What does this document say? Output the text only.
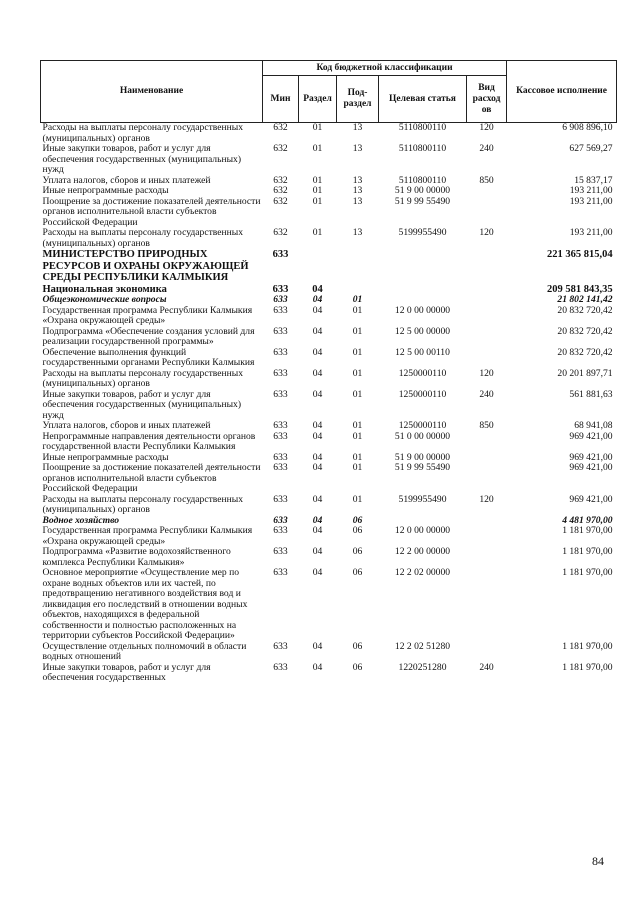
Наименование	Код бюджетной классификации					Кассовое исполнение
	Мин	Раздел	Под-раздел	Целевая статья	Вид расход ов	
Расходы на выплаты персоналу государственных (муниципальных) органов	632	01	13	5110800110	120	6 908 896,10
Иные закупки товаров, работ и услуг для обеспечения государственных (муниципальных) нужд	632	01	13	5110800110	240	627 569,27
Уплата налогов, сборов и иных платежей	632	01	13	5110800110	850	15 837,17
Иные непрограммные расходы	632	01	13	51 9 00 00000		193 211,00
Поощрение за достижение показателей деятельности органов исполнительной власти субъектов Российской Федерации	632	01	13	51 9 99 55490		193 211,00
Расходы на выплаты персоналу государственных (муниципальных) органов	632	01	13	5199955490	120	193 211,00
МИНИСТЕРСТВО ПРИРОДНЫХ РЕСУРСОВ И ОХРАНЫ ОКРУЖАЮЩЕЙ СРЕДЫ РЕСПУБЛИКИ КАЛМЫКИЯ	633					221 365 815,04
Национальная экономика	633	04				209 581 843,35
Общеэкономические вопросы	633	04	01			21 802 141,42
Государственная программа Республики Калмыкия «Охрана окружающей среды»	633	04	01	12 0 00 00000		20 832 720,42
Подпрограмма «Обеспечение создания условий для реализации государственной программы»	633	04	01	12 5 00 00000		20 832 720,42
Обеспечение выполнения функций государственными органами Республики Калмыкия	633	04	01	12 5 00 00110		20 832 720,42
Расходы на выплаты персоналу государственных (муниципальных) органов	633	04	01	1250000110	120	20 201 897,71
Иные закупки товаров, работ и услуг для обеспечения государственных (муниципальных) нужд	633	04	01	1250000110	240	561 881,63
Уплата налогов, сборов и иных платежей	633	04	01	1250000110	850	68 941,08
Непрограммные направления деятельности органов государственной власти Республики Калмыкия	633	04	01	51 0 00 00000		969 421,00
Иные непрограммные расходы	633	04	01	51 9 00 00000		969 421,00
Поощрение за достижение показателей деятельности органов исполнительной власти субъектов Российской Федерации	633	04	01	51 9 99 55490		969 421,00
Расходы на выплаты персоналу государственных (муниципальных) органов	633	04	01	5199955490	120	969 421,00
Водное хозяйство	633	04	06			4 481 970,00
Государственная программа Республики Калмыкия «Охрана окружающей среды»	633	04	06	12 0 00 00000		1 181 970,00
Подпрограмма «Развитие водохозяйственного комплекса Республики Калмыкия»	633	04	06	12 2 00 00000		1 181 970,00
Основное мероприятие «Осуществление мер по охране водных объектов или их частей, по предотвращению негативного воздействия вод и ликвидация его последствий в отношении водных объектов, находящихся в федеральной собственности и полностью расположенных на территории субъектов Российской Федерации»	633	04	06	12 2 02 00000		1 181 970,00
Осуществление отдельных полномочий в области водных отношений	633	04	06	12 2 02 51280		1 181 970,00
Иные закупки товаров, работ и услуг для обеспечения государственных	633	04	06	1220251280	240	1 181 970,00
84
